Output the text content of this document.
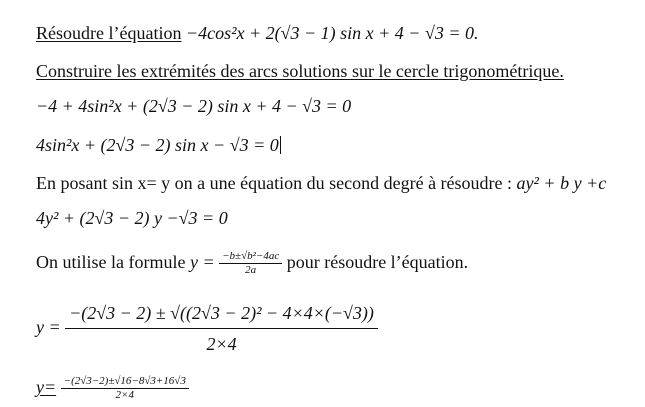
Résoudre l’équation −4cos²x + 2(√3 − 1) sin x + 4 − √3 = 0.
Construire les extrémités des arcs solutions sur le cercle trigonométrique.
−4 + 4sin²x + (2√3 − 2) sin x + 4 − √3 = 0
4sin²x + (2√3 − 2) sin x − √3 = 0
En posant sin x= y on a une équation du second degré à résoudre : ay² + b y +c
4y² + (2√3 − 2) y −√3 = 0
On utilise la formule $y = \frac{\text{−b±√b²−4ac}}{2a}$ pour résoudre l’équation.
$y = \frac{\text{−(2√3 − 2) ± √((2√3 − 2)² − 4×4×(−√3))}}{2\times 4}$
$y= \frac{-(2√3-2)\pm√16-8√3+16√3}{2\times 4}$
